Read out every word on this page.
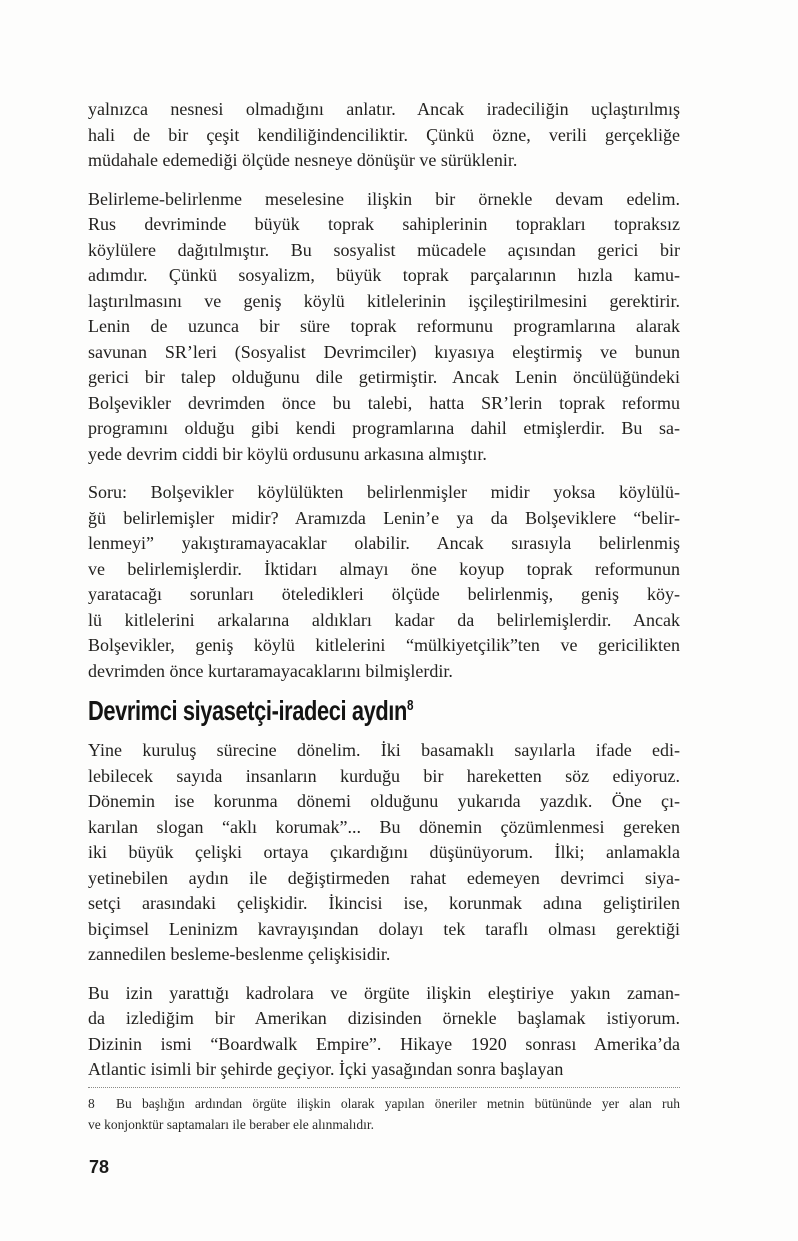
yalnızca nesnesi olmadığını anlatır. Ancak iradeciliğin uçlaştırılmış
hali de bir çeşit kendiliğindenciliktir. Çünkü özne, verili gerçekliğe
müdahale edemediği ölçüde nesneye dönüşür ve sürüklenir.

Belirleme-belirlenme meselesine ilişkin bir örnekle devam edelim.
Rus devriminde büyük toprak sahiplerinin toprakları topraksız
köylülere dağıtılmıştır. Bu sosyalist mücadele açısından gerici bir
adımdır. Çünkü sosyalizm, büyük toprak parçalarının hızla kamu-
laştırılmasını ve geniş köylü kitlelerinin işçileştirilmesini gerektirir.
Lenin de uzunca bir süre toprak reformunu programlarına alarak
savunan SR’leri (Sosyalist Devrimciler) kıyasıya eleştirmiş ve bunun
gerici bir talep olduğunu dile getirmiştir. Ancak Lenin öncülüğündeki
Bolşevikler devrimden önce bu talebi, hatta SR’lerin toprak reformu
programını olduğu gibi kendi programlarına dahil etmişlerdir. Bu sa-
yede devrim ciddi bir köylü ordusunu arkasına almıştır.

Soru: Bolşevikler köylülükten belirlenmişler midir yoksa köylülü-
ğü belirlemişler midir? Aramızda Lenin’e ya da Bolşeviklere “belir-
lenmeyi” yakıştıramayacaklar olabilir. Ancak sırasıyla belirlenmiş
ve belirlemişlerdir. İktidarı almayı öne koyup toprak reformunun
yaratacağı sorunları öteledikleri ölçüde belirlenmiş, geniş köy-
lü kitlelerini arkalarına aldıkları kadar da belirlemişlerdir. Ancak
Bolşevikler, geniş köylü kitlelerini “mülkiyetçilik”ten ve gericilikten
devrimden önce kurtaramayacaklarını bilmişlerdir.

Devrimci siyasetçi-iradeci aydın$^8$

Yine kuruluş sürecine dönelim. İki basamaklı sayılarla ifade edi-
lebilecek sayıda insanların kurduğu bir hareketten söz ediyoruz.
Dönemin ise korunma dönemi olduğunu yukarıda yazdık. Öne çı-
karılan slogan “aklı korumak”... Bu dönemin çözümlenmesi gereken
iki büyük çelişki ortaya çıkardığını düşünüyorum. İlki; anlamakla
yetinebilen aydın ile değiştirmeden rahat edemeyen devrimci siya-
setçi arasındaki çelişkidir. İkincisi ise, korunmak adına geliştirilen
biçimsel Leninizm kavrayışından dolayı tek taraflı olması gerektiği
zannedilen besleme-beslenme çelişkisidir.

Bu izin yarattığı kadrolara ve örgüte ilişkin eleştiriye yakın zaman-
da izlediğim bir Amerikan dizisinden örnekle başlamak istiyorum.
Dizinin ismi “Boardwalk Empire”. Hikaye 1920 sonrası Amerika’da
Atlantic isimli bir şehirde geçiyor. İçki yasağından sonra başlayan

8 Bu başlığın ardından örgüte ilişkin olarak yapılan öneriler metnin bütününde yer alan ruh
ve konjonktür saptamaları ile beraber ele alınmalıdır.
78
